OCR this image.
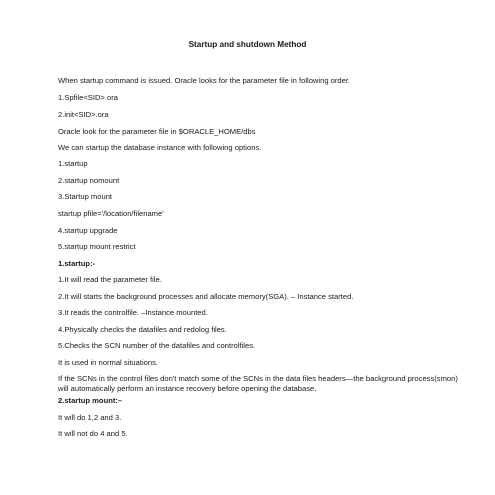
Startup and shutdown Method

When startup command is issued. Oracle looks for the parameter file in following order.

1.Spfile<SID>.ora

2.init<SID>.ora

Oracle look for the parameter file in $ORACLE_HOME/dbs

We can startup the database instance with following options.

1.startup

2.startup nomount

3.Startup mount

startup pfile='/location/filename'

4.startup upgrade

5.startup mount restrict

1.startup:-

1.It will read the parameter file.

2.It will starts the background processes and allocate memory(SGA). – Instance started.

3.It reads the controlfile. –Instance mounted.

4.Physically checks the datafiles and redolog files.

5.Checks the SCN number of the datafiles and controlfiles.

It is used in normal situations.

If the SCNs in the control files don't match some of the SCNs in the data files headers—the background process(smon) will automatically perform an instance recovery before opening the database.

2.startup mount:–

It will do 1,2 and 3.

It will not do 4 and 5.
